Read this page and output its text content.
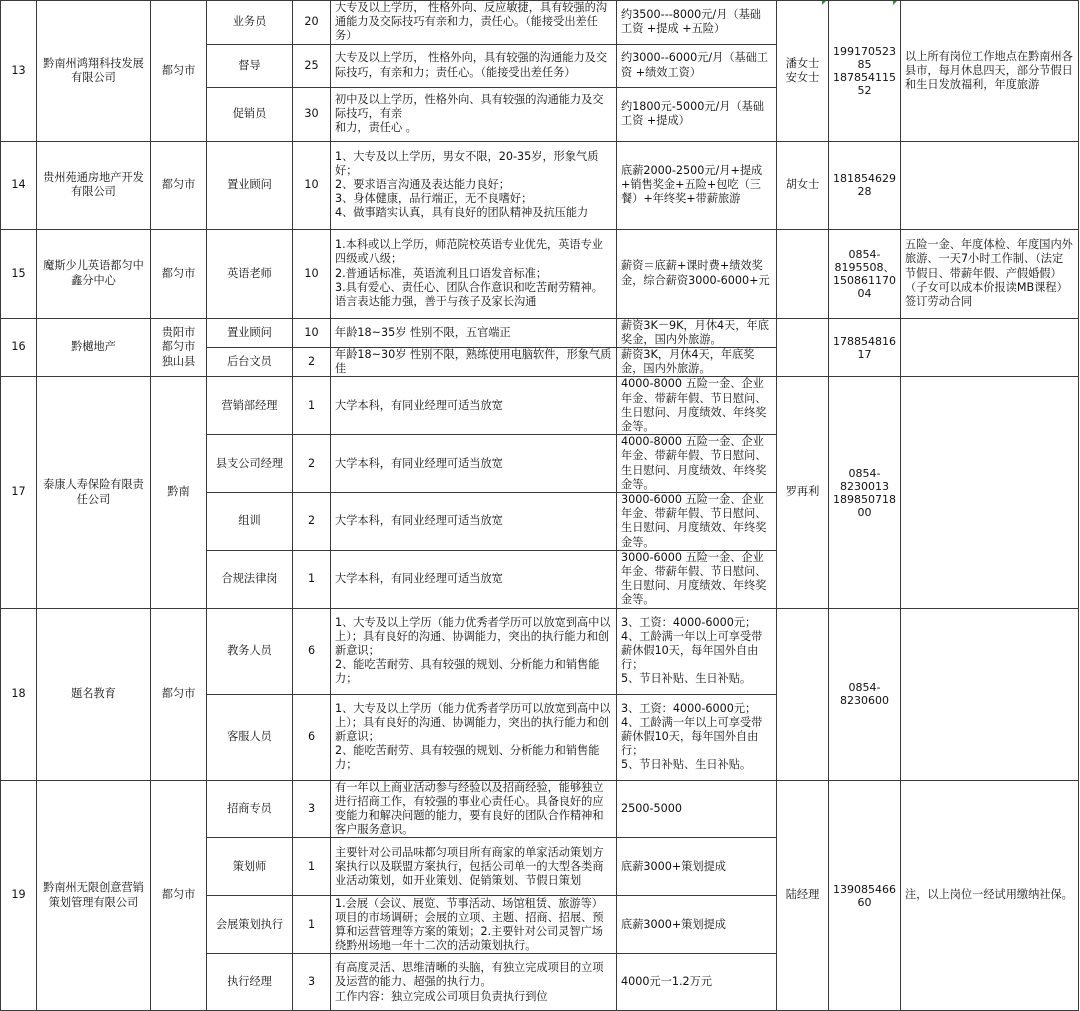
13	黔南州鸿翔科技发展有限公司	都匀市	业务员	20	大专及以上学历， 性格外向、反应敏捷，具有较强的沟通能力及交际技巧有亲和力，责任心。（能接受出差任务）	约3500---8000元/月（基础工资 +提成 +五险）	潘女士
安女士	19917052385
18785411552	以上所有岗位工作地点在黔南州各县市，每月休息四天，部分节假日和生日发放福利，年度旅游
			督导	25	大专及以上学历， 性格外向，具有较强的沟通能力及交际技巧，有亲和力；责任心。（能接受出差任务）	约3000--6000元/月（基础工资 +绩效工资）			
			促销员	30	初中及以上学历，性格外向、具有较强的沟通能力及交际技巧，有亲
和力，责任心 。	约1800元-5000元/月（基础工资 +提成）			
14	贵州苑通房地产开发有限公司	都匀市	置业顾问	10	1、大专及以上学历，男女不限，20-35岁，形象气质好；
2、要求语言沟通及表达能力良好；
3、身体健康，品行端正，无不良嗜好；
4、做事踏实认真，具有良好的团队精神及抗压能力	底薪2000-2500元/月+提成+销售奖金+五险+包吃（三餐）+年终奖+带薪旅游	胡女士	18185462928	
15	魔斯少儿英语都匀中鑫分中心	都匀市	英语老师	10	1.本科或以上学历，师范院校英语专业优先，英语专业四级或八级；
2.普通话标准，英语流利且口语发音标准；
3.具有爱心、责任心、团队合作意识和吃苦耐劳精神。语言表达能力强，善于与孩子及家长沟通	薪资＝底薪+课时费+绩效奖金，综合薪资3000-6000+元		0854-
8195508、
15086117004	五险一金、年度体检、年度国内外旅游、一天7小时工作制、（法定节假日、带薪年假、产假婚假）（子女可以成本价报读MB课程）签订劳动合同
16	黔樾地产	贵阳市
都匀市
独山县	置业顾问	10	年龄18~35岁 性别不限，五官端正	薪资3K－9K，月休4天，年底奖金，国内外旅游。		17885481617	
			后台文员	2	年龄18~30岁 性别不限，熟练使用电脑软件，形象气质佳	薪资3K，月休4天，年底奖金，国内外旅游。			
17	泰康人寿保险有限责任公司	黔南	营销部经理	1	大学本科，有同业经理可适当放宽	4000-8000 五险一金、企业年金、带薪年假、节日慰问、生日慰问、月度绩效、年终奖金等。	罗再利	0854-
8230013
18985071800	
			县支公司经理	2	大学本科，有同业经理可适当放宽	4000-8000 五险一金、企业年金、带薪年假、节日慰问、生日慰问、月度绩效、年终奖金等。			
			组训	2	大学本科，有同业经理可适当放宽	3000-6000 五险一金、企业年金、带薪年假、节日慰问、生日慰问、月度绩效、年终奖金等。			
			合规法律岗	1	大学本科，有同业经理可适当放宽	3000-6000 五险一金、企业年金、带薪年假、节日慰问、生日慰问、月度绩效、年终奖金等。			
18	题名教育	都匀市	教务人员	6	1、大专及以上学历（能力优秀者学历可以放宽到高中以上）；具有良好的沟通、协调能力，突出的执行能力和创新意识；
2、能吃苦耐劳、具有较强的规划、分析能力和销售能力；	3、工资：4000-6000元；
4、工龄满一年以上可享受带薪休假10天，每年国外自由行；
5、节日补贴、生日补贴。		0854-
8230600	
			客服人员	6	1、大专及以上学历（能力优秀者学历可以放宽到高中以上）；具有良好的沟通、协调能力，突出的执行能力和创新意识；
2、能吃苦耐劳、具有较强的规划、分析能力和销售能力；	3、工资：4000-6000元；
4、工龄满一年以上可享受带薪休假10天，每年国外自由行；
5、节日补贴、生日补贴。			
19	黔南州无限创意营销策划管理有限公司	都匀市	招商专员	3	有一年以上商业活动参与经验以及招商经验，能够独立进行招商工作，有较强的事业心责任心。具备良好的应变能力和解决问题的能力，要有良好的团队合作精神和客户服务意识。	2500-5000	陆经理	13908546660	注，以上岗位一经试用缴纳社保。
			策划师	1	主要针对公司品味都匀项目所有商家的单家活动策划方案执行以及联盟方案执行，包括公司单一的大型各类商业活动策划，如开业策划、促销策划、节假日策划	底薪3000+策划提成			
			会展策划执行	1	1.会展（会议、展览、节事活动、场馆租赁、旅游等）项目的市场调研；会展的立项、主题、招商、招展、预算和运营管理等方案的策划；2.主要针对公司灵智广场绕黔州场地一年十二次的活动策划执行。	底薪3000+策划提成			
			执行经理	3	有高度灵活、思维清晰的头脑，有独立完成项目的立项及运营的能力、超强的执行力。
工作内容：独立完成公司项目负责执行到位	4000元一1.2万元			
